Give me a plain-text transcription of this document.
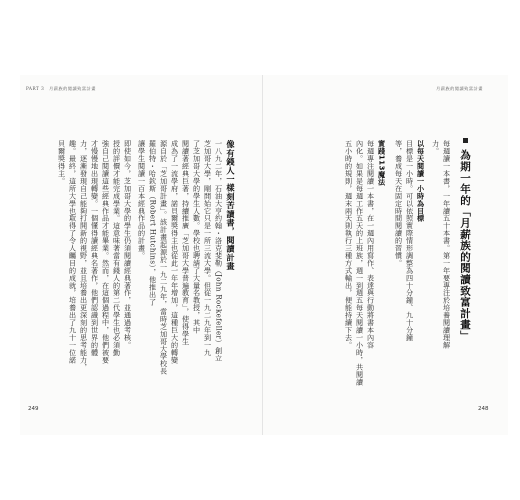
PART 3　月薪族的閱讀致富計畫
249
像有錢人一樣刻苦讀書，閱讀計畫
一八九二年，石油大亨約翰・洛克斐勒（John Rockefeller）創立
芝加哥大學，剛開始它只是一所三流大學。但從一九二九年到一九
了芝加哥大學的學生人數。學校也聘請了大量名教授，其中
閱讀著經典巨著，持續推廣「芝加哥大學普遍教育」，使得學生
成為了一流學府，諾貝爾獎得主也從此一年年增加，這種巨大的轉變
源自於「芝加哥計畫」。該計畫起源於一九二九年，當時芝加哥大學校長
羅伯特・哈欽斯（Robert Hutchins），他推出了
讓學生閱讀一百本經典作品的計畫。
即使如今，芝加哥大學的學生仍須閱讀經典著作，並通過考核。
授的評價才能完成學業。這意味著當有錢人的第二代學生也必須勤
強自己閱讀這些經典作品才能畢業。然而，在這個過程中，他們被要
才慢慢地出現轉變。一個懂得讀經典名著作，他們認識到世界的體
力，逐漸發現自己能夠打開新的視野，並且培養出更深刻的思考能力，
趣。最終，這所大學也取得了令人矚目的成就，培養出了九十一位諾
貝爾獎得主。
月薪族的閱讀致富計畫
248
為期一年的「月薪族的閱讀致富計畫」
每週讀一本書，一年讀五十本書。第一年要專注於培養閱讀理解
力。
以每天閱讀一小時為目標
目標是一小時。可以依照實際情形調整為四十分鐘、九十分鐘
等，養成每天在固定時間閱讀的習慣。
實踐113魔法
每週專注閱讀一本書，在一週內用寫作、表達與行動將書本內容
內化。如果是每週工作五天的上班族，週一到週五每天閱讀一小時，共閱讀
五小時的規則，週末兩天則執行三種方式輸出，便能持續下去。
